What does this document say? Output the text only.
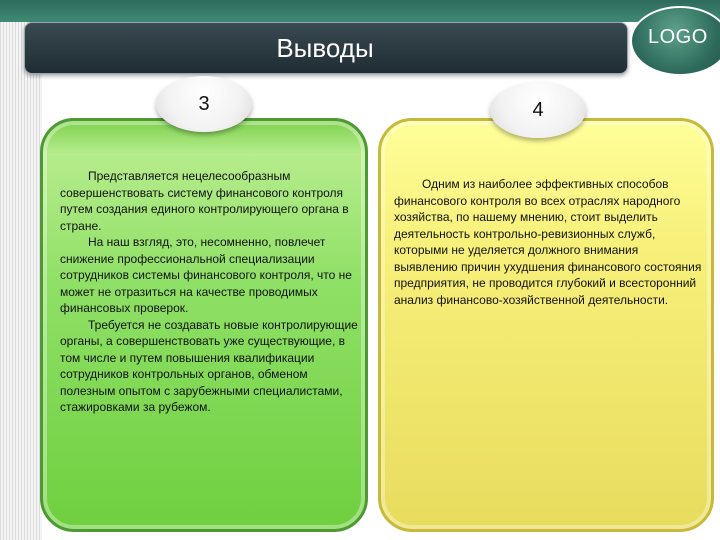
Выводы	LOGO
3	4

Представляется нецелесообразным совершенствовать систему финансового контроля путем создания единого контролирующего органа в стране.

На наш взгляд, это, несомненно, повлечет снижение профессиональной специализации сотрудников системы финансового контроля, что не может не отразиться на качестве проводимых финансовых проверок.

Требуется не создавать новые контролирующие органы, а совершенствовать уже существующие, в том числе и путем повышения квалификации сотрудников контрольных органов, обменом полезным опытом с зарубежными специалистами, стажировками за рубежом.

Одним из наиболее эффективных способов финансового контроля во всех отраслях народного хозяйства, по нашему мнению, стоит выделить деятельность контрольно-ревизионных служб, которыми не уделяется должного внимания выявлению причин ухудшения финансового состояния предприятия, не проводится глубокий и всесторонний анализ финансово-хозяйственной деятельности.
